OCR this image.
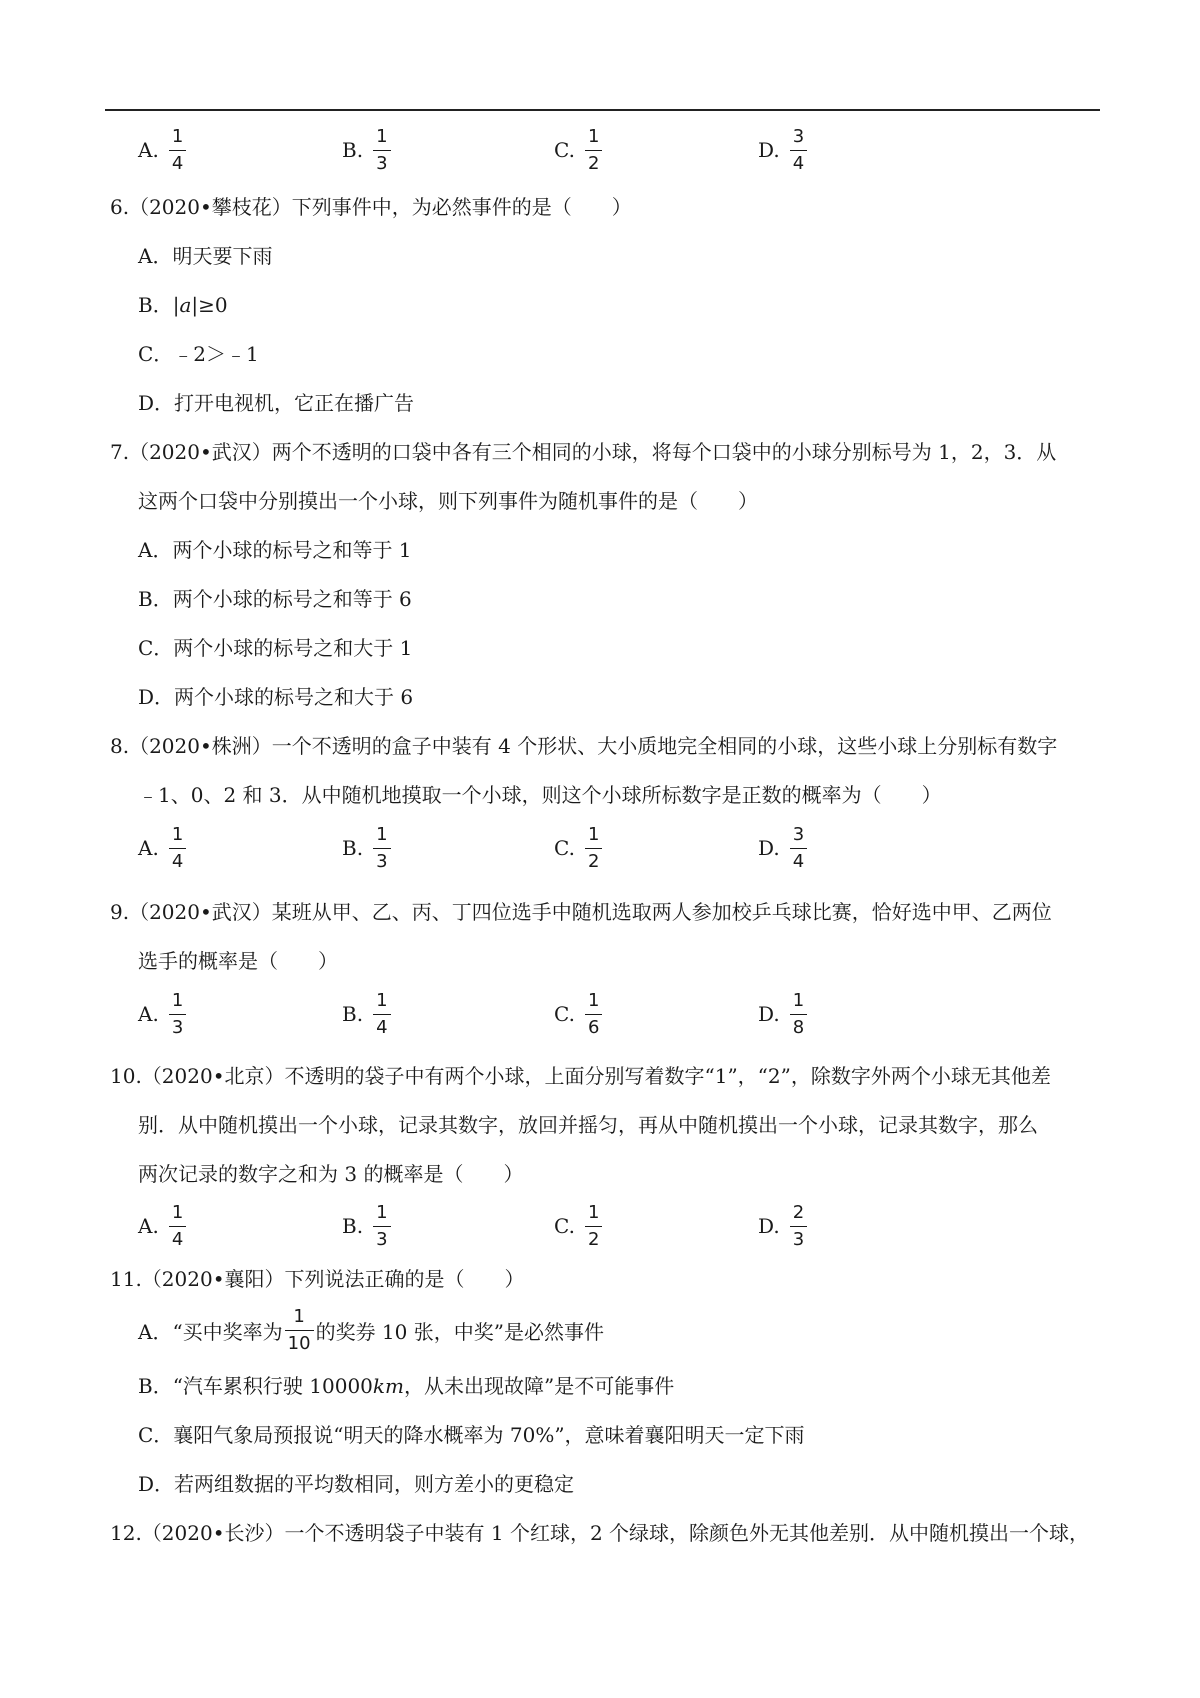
A. $\frac{1}{4}$	B. $\frac{1}{3}$	C. $\frac{1}{2}$	D. $\frac{3}{4}$
6.（2020•攀枝花）下列事件中，为必然事件的是（　　）
A．明天要下雨
B．|a|≥0
C．﹣2＞﹣1
D．打开电视机，它正在播广告
7.（2020•武汉）两个不透明的口袋中各有三个相同的小球，将每个口袋中的小球分别标号为 1，2，3．从
这两个口袋中分别摸出一个小球，则下列事件为随机事件的是（　　）
A．两个小球的标号之和等于 1
B．两个小球的标号之和等于 6
C．两个小球的标号之和大于 1
D．两个小球的标号之和大于 6
8.（2020•株洲）一个不透明的盒子中装有 4 个形状、大小质地完全相同的小球，这些小球上分别标有数字
﹣1、0、2 和 3．从中随机地摸取一个小球，则这个小球所标数字是正数的概率为（　　）
A. $\frac{1}{4}$	B. $\frac{1}{3}$	C. $\frac{1}{2}$	D. $\frac{3}{4}$
9.（2020•武汉）某班从甲、乙、丙、丁四位选手中随机选取两人参加校乒乓球比赛，恰好选中甲、乙两位
选手的概率是（　　）
A. $\frac{1}{3}$	B. $\frac{1}{4}$	C. $\frac{1}{6}$	D. $\frac{1}{8}$
10.（2020•北京）不透明的袋子中有两个小球，上面分别写着数字“1”，“2”，除数字外两个小球无其他差
别．从中随机摸出一个小球，记录其数字，放回并摇匀，再从中随机摸出一个小球，记录其数字，那么
两次记录的数字之和为 3 的概率是（　　）
A. $\frac{1}{4}$	B. $\frac{1}{3}$	C. $\frac{1}{2}$	D. $\frac{2}{3}$
11.（2020•襄阳）下列说法正确的是（　　）
A．“买中奖率为 $\frac{1}{10}$ 的奖券 10 张，中奖”是必然事件
B．“汽车累积行驶 10000km，从未出现故障”是不可能事件
C．襄阳气象局预报说“明天的降水概率为 70%”，意味着襄阳明天一定下雨
D．若两组数据的平均数相同，则方差小的更稳定
12.（2020•长沙）一个不透明袋子中装有 1 个红球，2 个绿球，除颜色外无其他差别．从中随机摸出一个球，
